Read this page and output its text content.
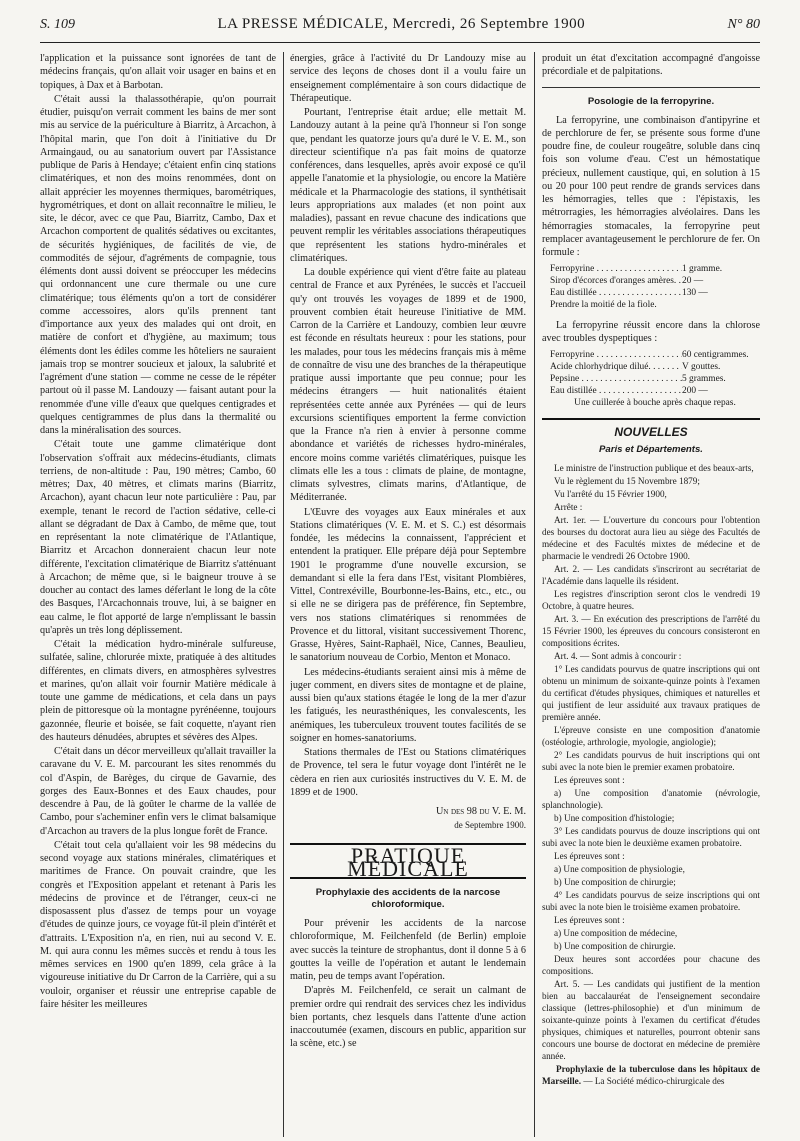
S. 109	LA PRESSE MÉDICALE, Mercredi, 26 Septembre 1900	N° 80

l'application et la puissance sont ignorées de tant de médecins français, qu'on allait voir usager en bains et en topiques, à Dax et à Barbotan.

C'était aussi la thalassothérapie, qu'on pourrait étudier, puisqu'on verrait comment les bains de mer sont mis au service de la puériculture à Biarritz, à Arcachon, à l'hôpital marin, que l'on doit à l'initiative du Dr Armaingaud, ou au sanatorium ouvert par l'Assistance publique de Paris à Hendaye; c'étaient enfin cinq stations climatériques, et non des moins renommées, dont on allait apprécier les moyennes thermiques, barométriques, hygrométriques, et dont on allait reconnaître le milieu, le site, le décor, avec ce que Pau, Biarritz, Cambo, Dax et Arcachon comportent de qualités sédatives ou excitantes, de sécurités hygiéniques, de facilités de vie, de commodités de séjour, d'agréments de compagnie, tous éléments dont aussi doivent se préoccuper les médecins qui ordonnancent une cure thermale ou une cure climatérique; tous éléments qu'on a tort de considérer comme accessoires, alors qu'ils prennent tant d'importance aux yeux des malades qui ont droit, en matière de confort et d'hygiène, au maximum; tous éléments dont les édiles comme les hôteliers ne sauraient jamais trop se montrer soucieux et jaloux, la salubrité et l'agrément d'une station — comme ne cesse de le répéter partout où il passe M. Landouzy — faisant autant pour la renommée d'une ville d'eaux que quelques centigrades et quelques centigrammes de plus dans la thermalité ou dans la minéralisation des sources.

C'était toute une gamme climatérique dont l'observation s'offrait aux médecins-étudiants, climats terriens, de non-altitude : Pau, 190 mètres; Cambo, 60 mètres; Dax, 40 mètres, et climats marins (Biarritz, Arcachon), ayant chacun leur note particulière : Pau, par exemple, tenant le record de l'action sédative, celle-ci allant se dégradant de Dax à Cambo, de même que, tout en représentant la note climatérique de l'Atlantique, Biarritz et Arcachon donneraient chacun leur note différente, l'excitation climatérique de Biarritz s'atténuant à Arcachon; de même que, si le baigneur trouve à se doucher au contact des lames déferlant le long de la côte des Basques, l'Arcachonnais trouve, lui, à se baigner en eau calme, le flot apporté de large n'emplissant le bassin qu'après un très long déplissement.

C'était la médication hydro-minérale sulfureuse, sulfatée, saline, chlorurée mixte, pratiquée à des altitudes différentes, en climats divers, en atmosphères sylvestres et marines, qu'on allait voir fournir Matière médicale à toute une gamme de médications, et cela dans un pays plein de pittoresque où la montagne pyrénéenne, toujours gazonnée, fleurie et boisée, se fait coquette, n'ayant rien des hauteurs dénudées, abruptes et sévères des Alpes.

C'était dans un décor merveilleux qu'allait travailler la caravane du V. E. M. parcourant les sites renommés du col d'Aspin, de Barèges, du cirque de Gavarnie, des gorges des Eaux-Bonnes et des Eaux chaudes, pour descendre à Pau, de là goûter le charme de la vallée de Cambo, pour s'acheminer enfin vers le climat balsamique d'Arcachon au travers de la plus longue forêt de France.

C'était tout cela qu'allaient voir les 98 médecins du second voyage aux stations minérales, climatériques et maritimes de France. On pouvait craindre, que les congrès et l'Exposition appelant et retenant à Paris les médecins de province et de l'étranger, ceux-ci ne disposassent plus d'assez de temps pour un voyage d'études de quinze jours, ce voyage fût-il plein d'intérêt et d'attraits. L'Exposition n'a, en rien, nui au second V. E. M. qui aura connu les mêmes succès et rendu à tous les mêmes services en 1900 qu'en 1899, cela grâce à la vigoureuse initiative du Dr Carron de la Carrière, qui a su vouloir, organiser et réussir une entreprise capable de faire hésiter les meilleures

énergies, grâce à l'activité du Dr Landouzy mise au service des leçons de choses dont il a voulu faire un enseignement complémentaire à son cours didactique de Thérapeutique.

Pourtant, l'entreprise était ardue; elle mettait M. Landouzy autant à la peine qu'à l'honneur si l'on songe que, pendant les quatorze jours qu'a duré le V. E. M., son directeur scientifique n'a pas fait moins de quatorze conférences, dans lesquelles, après avoir exposé ce qu'il appelle l'anatomie et la physiologie, ou encore la Matière médicale et la Pharmacologie des stations, il synthétisait leurs appropriations aux malades (et non point aux maladies), passant en revue chacune des indications que peuvent remplir les véritables associations thérapeutiques que représentent les stations hydro-minérales et climatériques.

La double expérience qui vient d'être faite au plateau central de France et aux Pyrénées, le succès et l'accueil qu'y ont trouvés les voyages de 1899 et de 1900, prouvent combien était heureuse l'initiative de MM. Carron de la Carrière et Landouzy, combien leur œuvre est féconde en résultats heureux : pour les stations, pour les malades, pour tous les médecins français mis à même de connaître de visu une des branches de la thérapeutique pratique aussi importante que peu connue; pour les médecins étrangers — huit nationalités étaient représentées cette année aux Pyrénées — qui de leurs excursions scientifiques emportent la ferme conviction que la France n'a rien à envier à personne comme abondance et variétés de richesses hydro-minérales, encore moins comme variétés climatériques, puisque les climats elle les a tous : climats de plaine, de montagne, climats sylvestres, climats marins, d'Atlantique, de Méditerranée.

L'Œuvre des voyages aux Eaux minérales et aux Stations climatériques (V. E. M. et S. C.) est désormais fondée, les médecins la connaissent, l'apprécient et entendent la pratiquer. Elle prépare déjà pour Septembre 1901 le programme d'une nouvelle excursion, se demandant si elle la fera dans l'Est, visitant Plombières, Vittel, Contrexéville, Bourbonne-les-Bains, etc., etc., ou si elle ne se dirigera pas de préférence, fin Septembre, vers nos stations climatériques si renommées de Provence et du littoral, visitant successivement Thorenc, Grasse, Hyères, Saint-Raphaël, Nice, Cannes, Beaulieu, le sanatorium nouveau de Corbio, Menton et Monaco.

Les médecins-étudiants seraient ainsi mis à même de juger comment, en divers sites de montagne et de plaine, aussi bien qu'aux stations étagée le long de la mer d'azur les fatigués, les neurasthéniques, les convalescents, les anémiques, les tuberculeux trouvent toutes facilités de se soigner en homes-sanatoriums.

Stations thermales de l'Est ou Stations climatériques de Provence, tel sera le futur voyage dont l'intérêt ne le cèdera en rien aux curiosités instructives du V. E. M. de 1899 et de 1900.

Un des 98 du V. E. M.
de Septembre 1900.
PRATIQUE MÉDICALE
Prophylaxie des accidents de la narcose chloroformique.

Pour prévenir les accidents de la narcose chloroformique, M. Feilchenfeld (de Berlin) emploie avec succès la teinture de strophantus, dont il donne 5 à 6 gouttes la veille de l'opération et autant le lendemain matin, peu de temps avant l'opération.

D'après M. Feilchenfeld, ce serait un calmant de premier ordre qui rendrait des services chez les individus bien portants, chez lesquels dans l'attente d'une action inaccoutumée (examen, discours en public, apparition sur la scène, etc.) se

produit un état d'excitation accompagné d'angoisse précordiale et de palpitations.

Posologie de la ferropyrine.

La ferropyrine, une combinaison d'antipyrine et de perchlorure de fer, se présente sous forme d'une poudre fine, de couleur rougeâtre, soluble dans cinq fois son volume d'eau. C'est un hémostatique précieux, nullement caustique, qui, en solution à 15 ou 20 pour 100 peut rendre de grands services dans les hémorragies, telles que : l'épistaxis, les métrorragies, les hémorragies alvéolaires. Dans les hémorragies stomacales, la ferropyrine peut remplacer avantageusement le perchlorure de fer. On formule :

Ferropyrine . . .	1 gramme.
Sirop d'écorces d'oranges amères. . . . 20 —
Eau distillée . . .	130 —
Prendre la moitié de la fiole.

La ferropyrine réussit encore dans la chlorose avec troubles dyspeptiques :

Ferropyrine . . .	60 centigrammes.
Acide chlorhydrique dilué. . . .	V gouttes.
Pepsine . . .	5 grammes.
Eau distillée . . .	200 —
Une cuillerée à bouche après chaque repas.
NOUVELLES
Paris et Départements.

Le ministre de l'instruction publique et des beaux-arts,

Vu le règlement du 15 Novembre 1879;

Vu l'arrêté du 15 Février 1900,

Arrête :

Art. 1er. — L'ouverture du concours pour l'obtention des bourses du doctorat aura lieu au siège des Facultés de médecine et des Facultés mixtes de médecine et de pharmacie le vendredi 26 Octobre 1900.

Art. 2. — Les candidats s'inscriront au secrétariat de l'Académie dans laquelle ils résident.

Les registres d'inscription seront clos le vendredi 19 Octobre, à quatre heures.

Art. 3. — En exécution des prescriptions de l'arrêté du 15 Février 1900, les épreuves du concours consisteront en compositions écrites.

Art. 4. — Sont admis à concourir :

1° Les candidats pourvus de quatre inscriptions qui ont obtenu un minimum de soixante-quinze points à l'examen du certificat d'études physiques, chimiques et naturelles et qui justifient de leur assiduité aux travaux pratiques de première année.

L'épreuve consiste en une composition d'anatomie (ostéologie, arthrologie, myologie, angiologie);

2° Les candidats pourvus de huit inscriptions qui ont subi avec la note bien le premier examen probatoire.

Les épreuves sont :

a) Une composition d'anatomie (névrologie, splanchnologie).

b) Une composition d'histologie;

3° Les candidats pourvus de douze inscriptions qui ont subi avec la note bien le deuxième examen probatoire.

Les épreuves sont :

a) Une composition de physiologie,

b) Une composition de chirurgie;

4° Les candidats pourvus de seize inscriptions qui ont subi avec la note bien le troisième examen probatoire.

Les épreuves sont :

a) Une composition de médecine,

b) Une composition de chirurgie.

Deux heures sont accordées pour chacune des compositions.

Art. 5. — Les candidats qui justifient de la mention bien au baccalauréat de l'enseignement secondaire classique (lettres-philosophie) et d'un minimum de soixante-quinze points à l'examen du certificat d'études physiques, chimiques et naturelles, pourront obtenir sans concours une bourse de doctorat en médecine de première année.

Prophylaxie de la tuberculose dans les hôpitaux de Marseille. — La Société médico-chirurgicale des
